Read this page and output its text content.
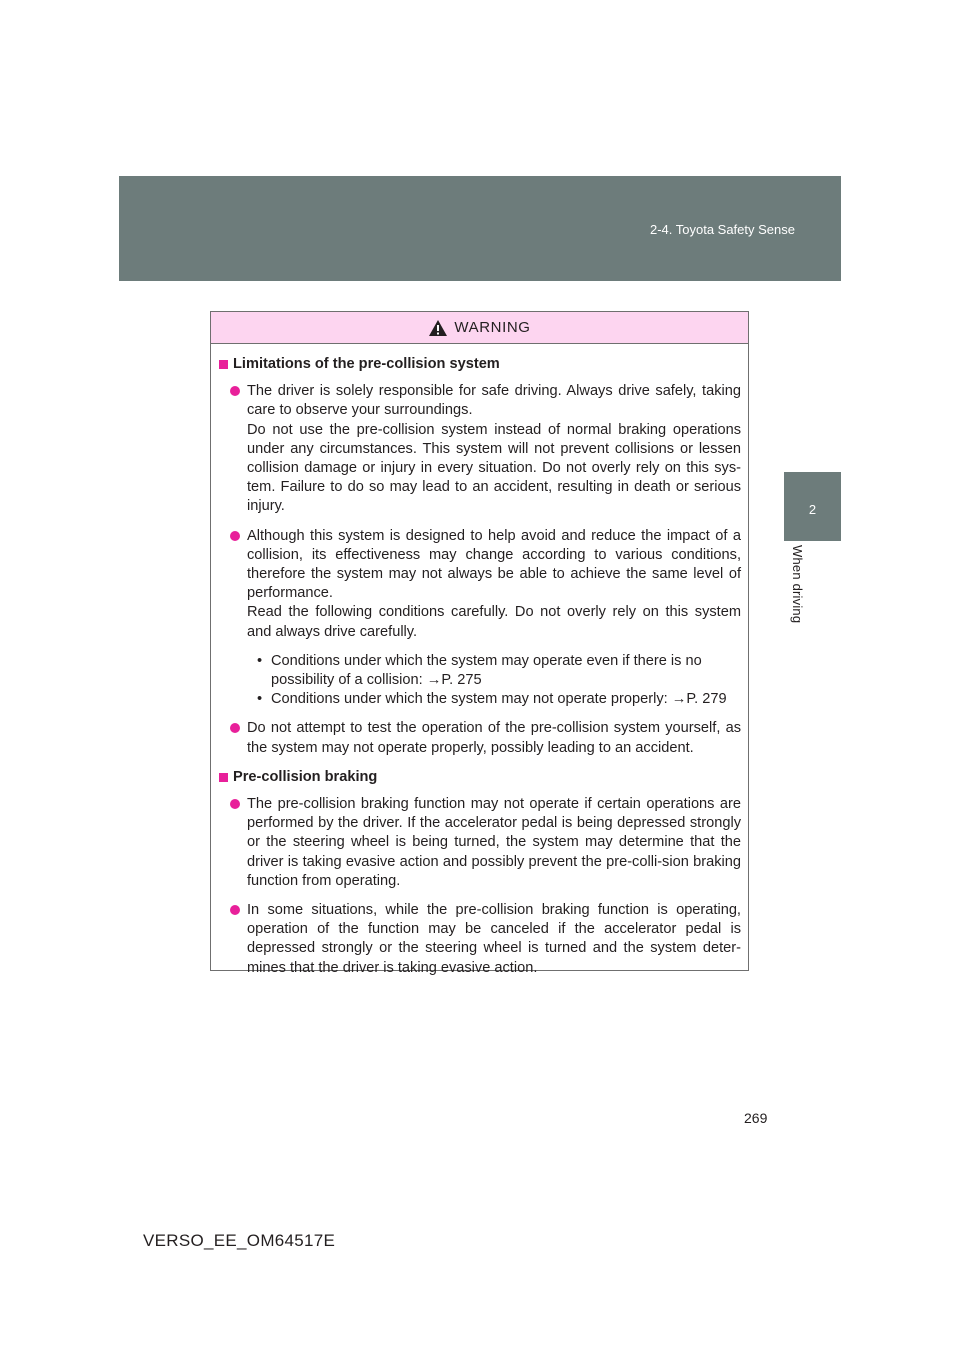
2-4. Toyota Safety Sense
2
When driving
WARNING
Limitations of the pre-collision system

The driver is solely responsible for safe driving. Always drive safely, taking care to observe your surroundings.

Do not use the pre-collision system instead of normal braking operations under any circumstances. This system will not prevent collisions or lessen collision damage or injury in every situation. Do not overly rely on this sys-tem. Failure to do so may lead to an accident, resulting in death or serious injury.

Although this system is designed to help avoid and reduce the impact of a collision, its effectiveness may change according to various conditions, therefore the system may not always be able to achieve the same level of performance.

Read the following conditions carefully. Do not overly rely on this system and always drive carefully.

• Conditions under which the system may operate even if there is no possibility of a collision: →P. 275
• Conditions under which the system may not operate properly: →P. 279

Do not attempt to test the operation of the pre-collision system yourself, as the system may not operate properly, possibly leading to an accident.

Pre-collision braking

The pre-collision braking function may not operate if certain operations are performed by the driver. If the accelerator pedal is being depressed strongly or the steering wheel is being turned, the system may determine that the driver is taking evasive action and possibly prevent the pre-colli-sion braking function from operating.

In some situations, while the pre-collision braking function is operating, operation of the function may be canceled if the accelerator pedal is depressed strongly or the steering wheel is turned and the system deter-mines that the driver is taking evasive action.

269
VERSO_EE_OM64517E
